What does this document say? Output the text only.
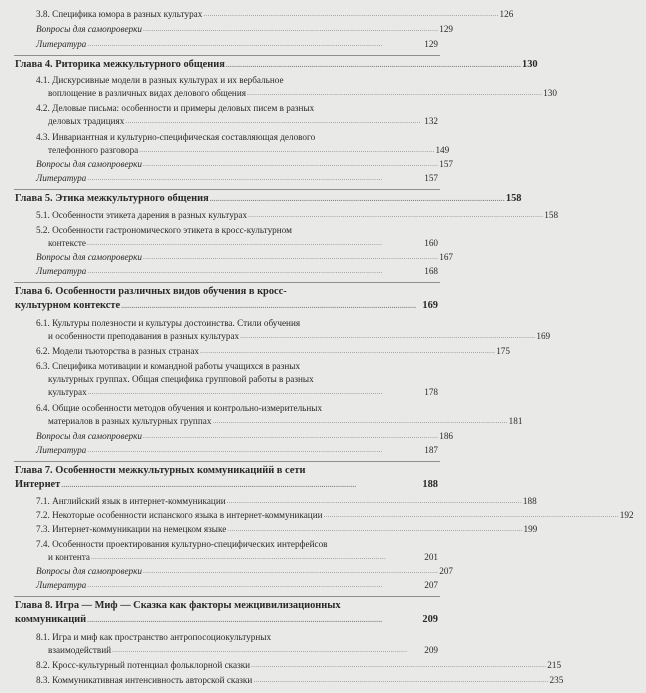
3.8. Специфика юмора в разных культурах ................................................................................................................................................ 126
Вопросы для самопроверки ................................................................................................................................................ 129
Литература ................................................................................................................................................	129
Глава 4. Риторика межкультурного общения ................................................................................................................................................ 130
4.1. Дискурсивные модели в разных культурах и их вербальное
воплощение в различных видах делового общения ................................................................................................................................................ 130
4.2. Деловые письма: особенности и примеры деловых писем в разных
деловых традициях ................................................................................................................................................ 132
4.3. Инвариантная и культурно-специфическая составляющая делового
телефонного разговора ................................................................................................................................................ 149
Вопросы для самопроверки ................................................................................................................................................ 157
Литература ................................................................................................................................................	157
Глава 5. Этика межкультурного общения ................................................................................................................................................ 158
5.1. Особенности этикета дарения в разных культурах ................................................................................................................................................ 158
5.2. Особенности гастрономического этикета в кросс-культурном
контексте ................................................................................................................................................	160
Вопросы для самопроверки ................................................................................................................................................ 167
Литература ................................................................................................................................................	168
Глава 6. Особенности различных видов обучения в кросс-
культурном контексте ................................................................................................................................................ 169
6.1. Культуры полезности и культуры достоинства. Стили обучения
и особенности преподавания в разных культурах ................................................................................................................................................ 169
6.2. Модели тьюторства в разных странах ................................................................................................................................................ 175
6.3. Специфика мотивации и командной работы учащихся в разных
культурных группах. Общая специфика групповой работы в разных
культурах ................................................................................................................................................	178
6.4. Общие особенности методов обучения и контрольно-измерительных
материалов в разных культурных группах ................................................................................................................................................ 181
Вопросы для самопроверки ................................................................................................................................................ 186
Литература ................................................................................................................................................	187
Глава 7. Особенности межкультурных коммуникацийй в сети
Интернет ................................................................................................................................................	188
7.1. Английский язык в интернет-коммуникации ................................................................................................................................................ 188
7.2. Некоторые особенности испанского языка в интернет-коммуникации ................................................................................................................................................ 192
7.3. Интернет-коммуникации на немецком языке ................................................................................................................................................ 199
7.4. Особенности проектирования культурно-специфических интерфейсов
и контента ................................................................................................................................................	201
Вопросы для самопроверки ................................................................................................................................................ 207
Литература ................................................................................................................................................	207
Глава 8. Игра — Миф — Сказка как факторы межцивилизационных
коммуникаций ................................................................................................................................................	209
8.1. Игра и миф как пространство антропосоциокультурных
взаимодействий ................................................................................................................................................	209
8.2. Кросс-культурный потенциал фольклорной сказки ................................................................................................................................................ 215
8.3. Коммуникативная интенсивность авторской сказки ................................................................................................................................................ 235
